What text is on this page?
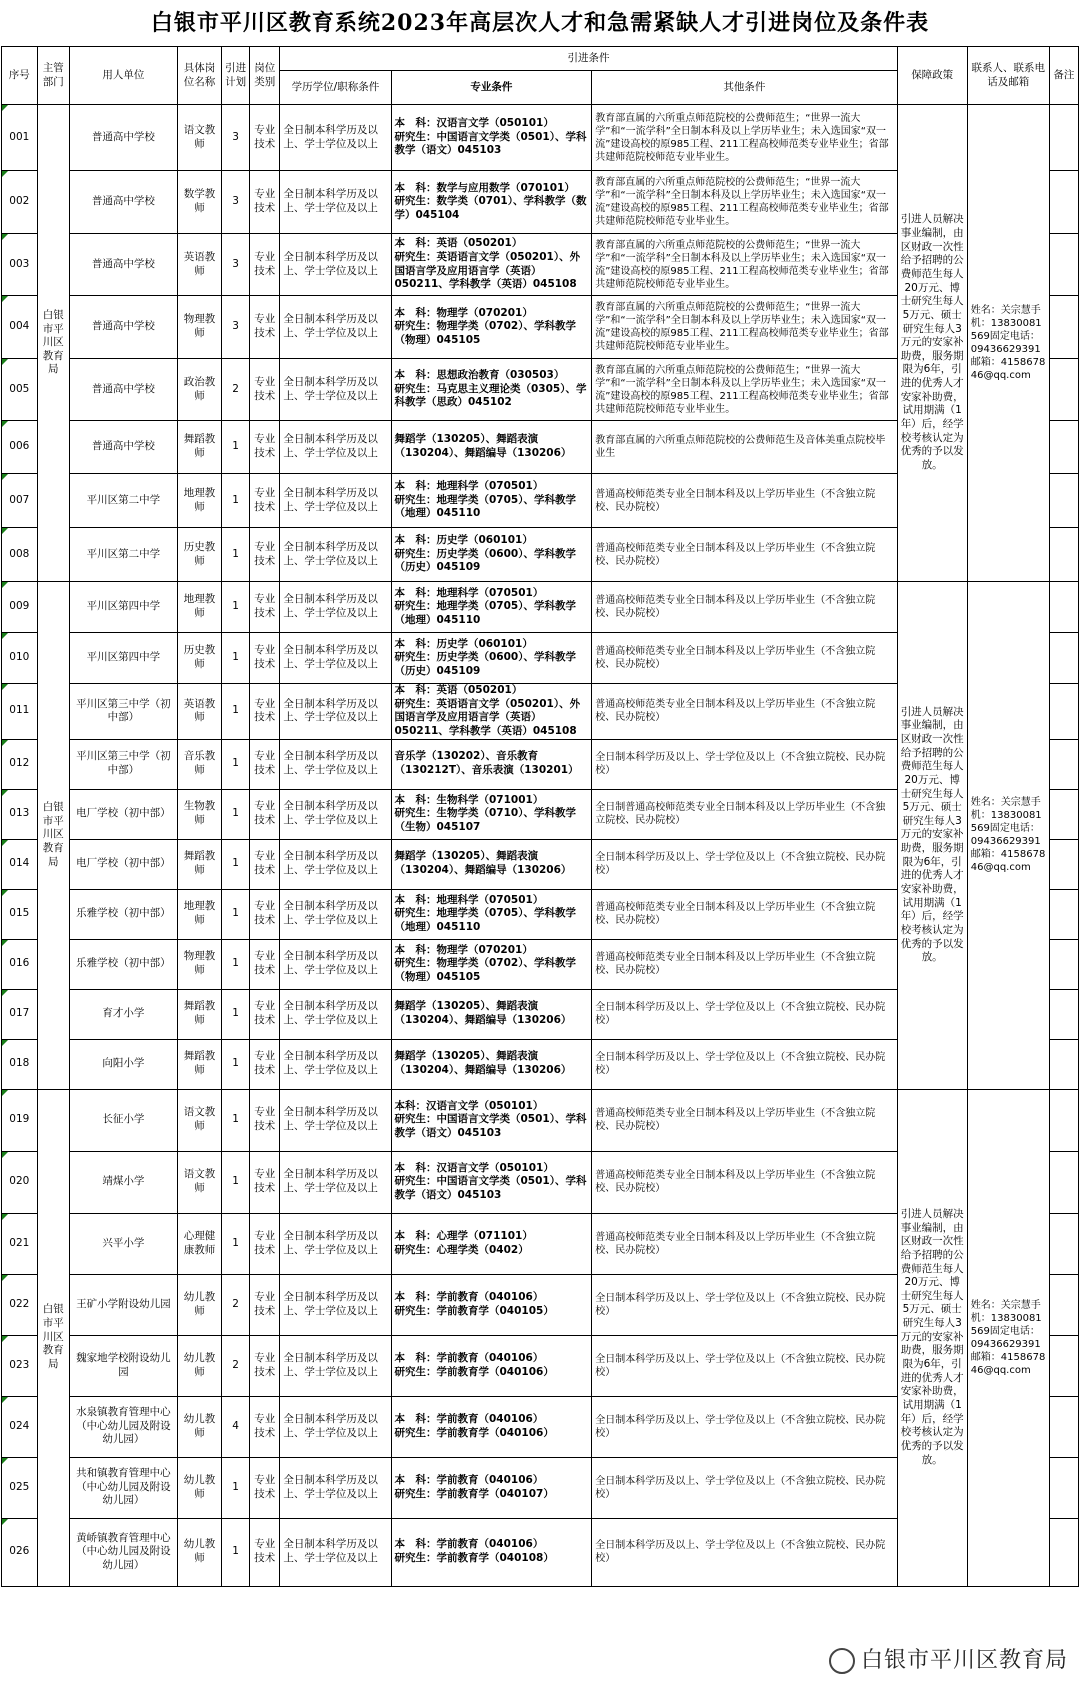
白银市平川区教育系统2023年高层次人才和急需紧缺人才引进岗位及条件表
序号	主管部门	用人单位	具体岗位名称	引进计划	岗位类别	引进条件			保障政策	联系人、联系电话及邮箱	备注
						学历学位/职称条件	专业条件	其他条件			
001	白银市平川区教育局	普通高中学校	语文教师	3	专业技术	全日制本科学历及以上、学士学位及以上	本　科：汉语言文学（050101）
研究生：中国语言文学类（0501）、学科教学（语文）045103	教育部直属的六所重点师范院校的公费师范生；“世界一流大学”和“一流学科”全日制本科及以上学历毕业生；未入选国家“双一流”建设高校的原985工程、211工程高校师范类专业毕业生；省部共建师范院校师范专业毕业生。	引进人员解决事业编制，由区财政一次性给予招聘的公费师范生每人20万元、博士研究生每人5万元、硕士研究生每人3万元的安家补助费，服务期限为6年，引进的优秀人才安家补助费，试用期满（1年）后，经学校考核认定为优秀的予以发放。	姓名：关宗慧手机：13830081569固定电话：09436629391邮箱：415867846@qq.com	
002		普通高中学校	数学教师	3	专业技术	全日制本科学历及以上、学士学位及以上	本　科：数学与应用数学（070101）
研究生：数学类（0701）、学科教学（数学）045104	教育部直属的六所重点师范院校的公费师范生；“世界一流大学”和“一流学科”全日制本科及以上学历毕业生；未入选国家“双一流”建设高校的原985工程、211工程高校师范类专业毕业生；省部共建师范院校师范专业毕业生。			
003		普通高中学校	英语教师	3	专业技术	全日制本科学历及以上、学士学位及以上	本　科：英语（050201）
研究生：英语语言文学（050201）、外国语言学及应用语言学（英语）050211、学科教学（英语）045108	教育部直属的六所重点师范院校的公费师范生；“世界一流大学”和“一流学科”全日制本科及以上学历毕业生；未入选国家“双一流”建设高校的原985工程、211工程高校师范类专业毕业生；省部共建师范院校师范专业毕业生。			
004		普通高中学校	物理教师	3	专业技术	全日制本科学历及以上、学士学位及以上	本　科：物理学（070201）
研究生：物理学类（0702）、学科教学（物理）045105	教育部直属的六所重点师范院校的公费师范生；“世界一流大学”和“一流学科”全日制本科及以上学历毕业生；未入选国家“双一流”建设高校的原985工程、211工程高校师范类专业毕业生；省部共建师范院校师范专业毕业生。			
005		普通高中学校	政治教师	2	专业技术	全日制本科学历及以上、学士学位及以上	本　科：思想政治教育（030503）
研究生：马克思主义理论类（0305）、学科教学（思政）045102	教育部直属的六所重点师范院校的公费师范生；“世界一流大学”和“一流学科”全日制本科及以上学历毕业生；未入选国家“双一流”建设高校的原985工程、211工程高校师范类专业毕业生；省部共建师范院校师范专业毕业生。			
006		普通高中学校	舞蹈教师	1	专业技术	全日制本科学历及以上、学士学位及以上	舞蹈学（130205）、舞蹈表演（130204）、舞蹈编导（130206）	教育部直属的六所重点师范院校的公费师范生及音体美重点院校毕业生			
007		平川区第二中学	地理教师	1	专业技术	全日制本科学历及以上、学士学位及以上	本　科：地理科学（070501）
研究生：地理学类（0705）、学科教学（地理）045110	普通高校师范类专业全日制本科及以上学历毕业生（不含独立院校、民办院校）			
008		平川区第二中学	历史教师	1	专业技术	全日制本科学历及以上、学士学位及以上	本　科：历史学（060101）
研究生：历史学类（0600）、学科教学（历史）045109	普通高校师范类专业全日制本科及以上学历毕业生（不含独立院校、民办院校）			
009	白银市平川区教育局	平川区第四中学	地理教师	1	专业技术	全日制本科学历及以上、学士学位及以上	本　科：地理科学（070501）
研究生：地理学类（0705）、学科教学（地理）045110	普通高校师范类专业全日制本科及以上学历毕业生（不含独立院校、民办院校）	引进人员解决事业编制，由区财政一次性给予招聘的公费师范生每人20万元、博士研究生每人5万元、硕士研究生每人3万元的安家补助费，服务期限为6年，引进的优秀人才安家补助费，试用期满（1年）后，经学校考核认定为优秀的予以发放。	姓名：关宗慧手机：13830081569固定电话：09436629391邮箱：415867846@qq.com	
010		平川区第四中学	历史教师	1	专业技术	全日制本科学历及以上、学士学位及以上	本　科：历史学（060101）
研究生：历史学类（0600）、学科教学（历史）045109	普通高校师范类专业全日制本科及以上学历毕业生（不含独立院校、民办院校）			
011		平川区第三中学（初中部）	英语教师	1	专业技术	全日制本科学历及以上、学士学位及以上	本　科：英语（050201）
研究生：英语语言文学（050201）、外国语言学及应用语言学（英语）050211、学科教学（英语）045108	普通高校师范类专业全日制本科及以上学历毕业生（不含独立院校、民办院校）			
012		平川区第三中学（初中部）	音乐教师	1	专业技术	全日制本科学历及以上、学士学位及以上	音乐学（130202）、音乐教育（130212T）、音乐表演（130201）	全日制本科学历及以上、学士学位及以上（不含独立院校、民办院校）			
013		电厂学校（初中部）	生物教师	1	专业技术	全日制本科学历及以上、学士学位及以上	本　科：生物科学（071001）
研究生：生物学类（0710）、学科教学（生物）045107	全日制普通高校师范类专业全日制本科及以上学历毕业生（不含独立院校、民办院校）			
014		电厂学校（初中部）	舞蹈教师	1	专业技术	全日制本科学历及以上、学士学位及以上	舞蹈学（130205）、舞蹈表演（130204）、舞蹈编导（130206）	全日制本科学历及以上、学士学位及以上（不含独立院校、民办院校）			
015		乐雅学校（初中部）	地理教师	1	专业技术	全日制本科学历及以上、学士学位及以上	本　科：地理科学（070501）
研究生：地理学类（0705）、学科教学（地理）045110	普通高校师范类专业全日制本科及以上学历毕业生（不含独立院校、民办院校）			
016		乐雅学校（初中部）	物理教师	1	专业技术	全日制本科学历及以上、学士学位及以上	本　科：物理学（070201）
研究生：物理学类（0702）、学科教学（物理）045105	普通高校师范类专业全日制本科及以上学历毕业生（不含独立院校、民办院校）			
017		育才小学	舞蹈教师	1	专业技术	全日制本科学历及以上、学士学位及以上	舞蹈学（130205）、舞蹈表演（130204）、舞蹈编导（130206）	全日制本科学历及以上、学士学位及以上（不含独立院校、民办院校）			
018		向阳小学	舞蹈教师	1	专业技术	全日制本科学历及以上、学士学位及以上	舞蹈学（130205）、舞蹈表演（130204）、舞蹈编导（130206）	全日制本科学历及以上、学士学位及以上（不含独立院校、民办院校）			
019	白银市平川区教育局	长征小学	语文教师	1	专业技术	全日制本科学历及以上、学士学位及以上	本科：汉语言文学（050101）
研究生：中国语言文学类（0501）、学科教学（语文）045103	普通高校师范类专业全日制本科及以上学历毕业生（不含独立院校、民办院校）	引进人员解决事业编制，由区财政一次性给予招聘的公费师范生每人20万元、博士研究生每人5万元、硕士研究生每人3万元的安家补助费，服务期限为6年，引进的优秀人才安家补助费，试用期满（1年）后，经学校考核认定为优秀的予以发放。	姓名：关宗慧手机：13830081569固定电话：09436629391邮箱：415867846@qq.com	
020		靖煤小学	语文教师	1	专业技术	全日制本科学历及以上、学士学位及以上	本　科：汉语言文学（050101）
研究生：中国语言文学类（0501）、学科教学（语文）045103	普通高校师范类专业全日制本科及以上学历毕业生（不含独立院校、民办院校）			
021		兴平小学	心理健康教师	1	专业技术	全日制本科学历及以上、学士学位及以上	本　科：心理学（071101）
研究生：心理学类（0402）	普通高校师范类专业全日制本科及以上学历毕业生（不含独立院校、民办院校）			
022		王矿小学附设幼儿园	幼儿教师	2	专业技术	全日制本科学历及以上、学士学位及以上	本　科：学前教育（040106）
研究生：学前教育学（040105）	全日制本科学历及以上、学士学位及以上（不含独立院校、民办院校）			
023		魏家地学校附设幼儿园	幼儿教师	2	专业技术	全日制本科学历及以上、学士学位及以上	本　科：学前教育（040106）
研究生：学前教育学（040106）	全日制本科学历及以上、学士学位及以上（不含独立院校、民办院校）			
024		水泉镇教育管理中心（中心幼儿园及附设幼儿园）	幼儿教师	4	专业技术	全日制本科学历及以上、学士学位及以上	本　科：学前教育（040106）
研究生：学前教育学（040106）	全日制本科学历及以上、学士学位及以上（不含独立院校、民办院校）			
025		共和镇教育管理中心（中心幼儿园及附设幼儿园）	幼儿教师	1	专业技术	全日制本科学历及以上、学士学位及以上	本　科：学前教育（040106）
研究生：学前教育学（040107）	全日制本科学历及以上、学士学位及以上（不含独立院校、民办院校）			
026		黄峤镇教育管理中心（中心幼儿园及附设幼儿园）	幼儿教师	1	专业技术	全日制本科学历及以上、学士学位及以上	本　科：学前教育（040106）
研究生：学前教育学（040108）	全日制本科学历及以上、学士学位及以上（不含独立院校、民办院校）			
白银市平川区教育局
